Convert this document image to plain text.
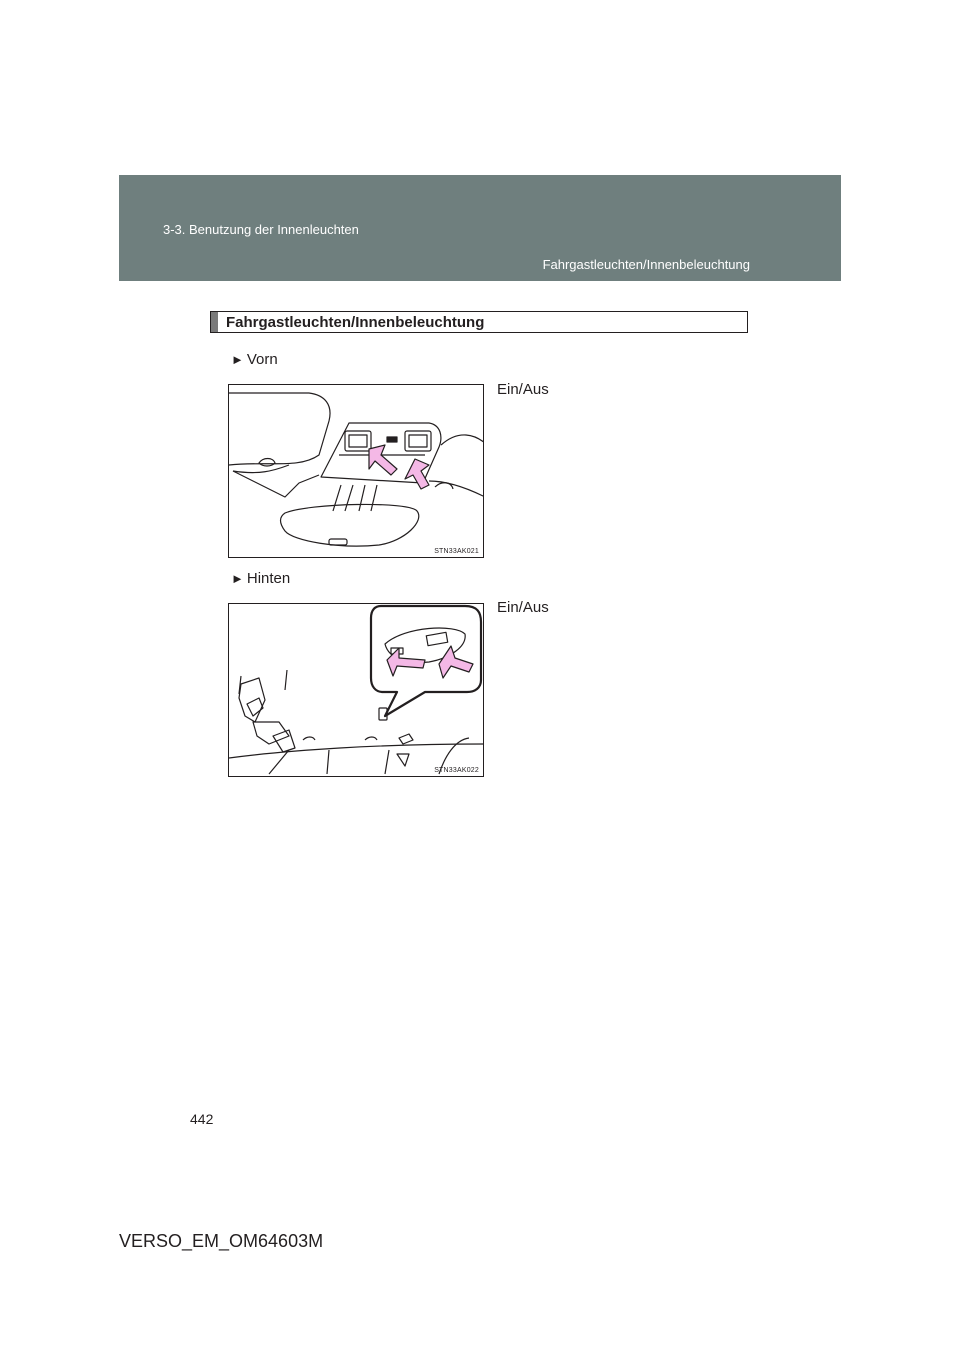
3-3. Benutzung der Innenleuchten
Fahrgastleuchten/Innenbeleuchtung
Fahrgastleuchten/Innenbeleuchtung
► Vorn
Ein/Aus
STN33AK021
► Hinten
Ein/Aus
STN33AK022
442
VERSO_EM_OM64603M
